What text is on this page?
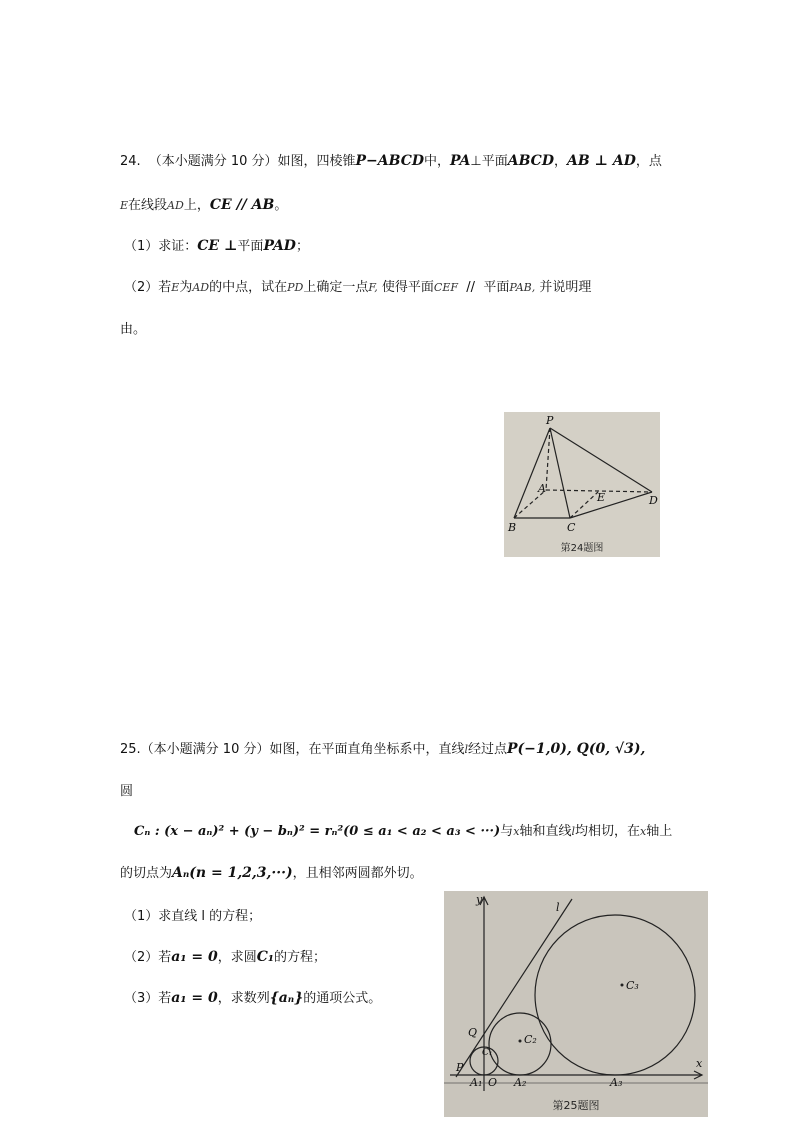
24. （本小题满分 10 分）如图，四棱锥P−ABCD中，PA⊥平面ABCD，AB ⊥ AD，点
E在线段AD上，CE // AB。
（1）求证：CE ⊥平面PAD；
（2）若E为AD的中点，试在PD上确定一点F, 使得平面CEF  //  平面PAB, 并说明理
由。
P
A
E	D
B	C
第24题图
25.（本小题满分 10 分）如图，在平面直角坐标系中，直线l经过点P(−1,0), Q(0, √3),
圆
Cₙ : (x − aₙ)² + (y − bₙ)² = rₙ²(0 ≤ a₁ < a₂ < a₃ < ···)与x轴和直线l均相切，在x轴上
的切点为Aₙ(n = 1,2,3,···)，且相邻两圆都外切。
（1）求直线 l 的方程；
（2）若a₁ = 0，求圆C₁的方程；
（3）若a₁ = 0，求数列{aₙ}的通项公式。
y
x
l
C₃
C₂
C₁
Q
P
O
A₁	A₂	A₃
第25题图
